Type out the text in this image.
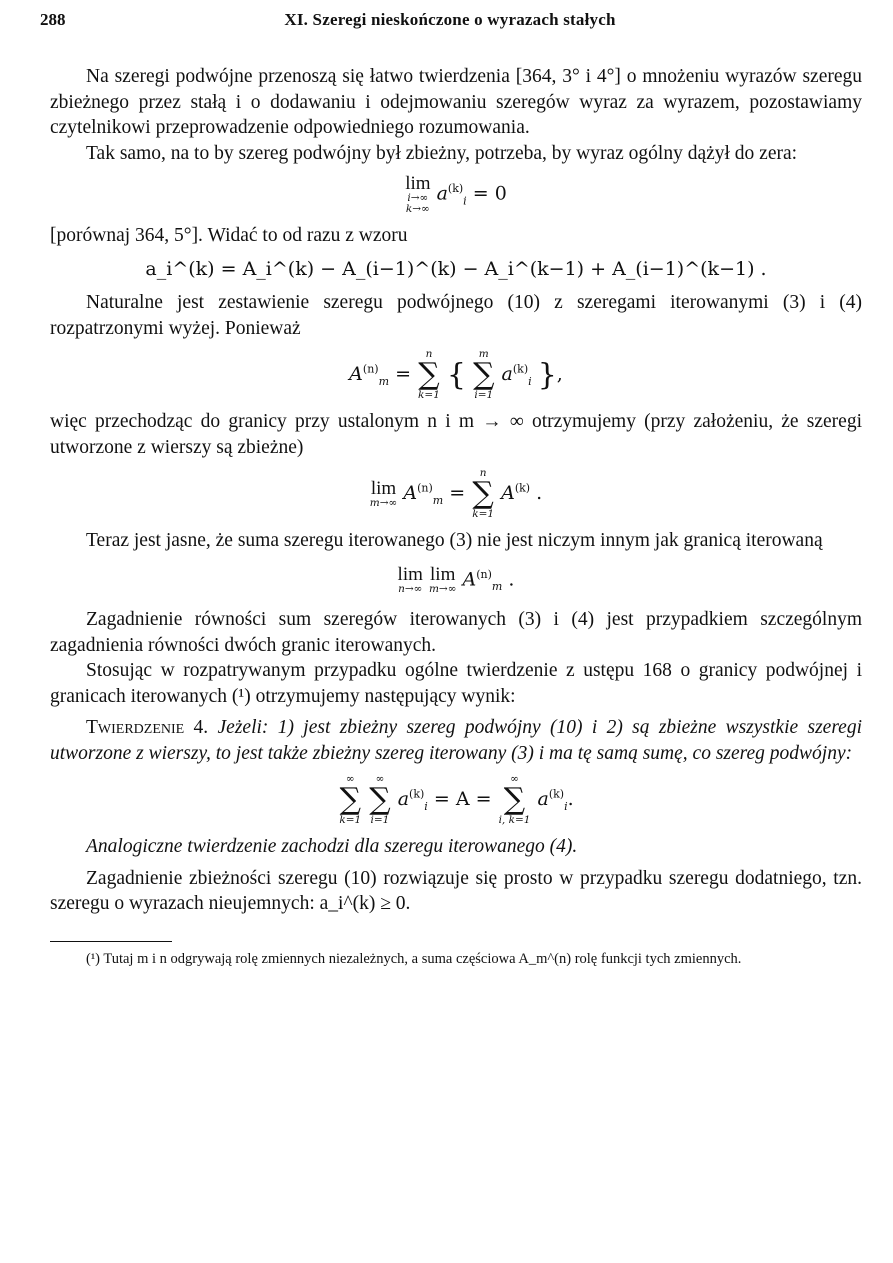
288	XI. Szeregi nieskończone o wyrazach stałych

Na szeregi podwójne przenoszą się łatwo twierdzenia [364, 3° i 4°] o mnożeniu wyrazów szeregu zbieżnego przez stałą i o dodawaniu i odejmowaniu szeregów wyraz za wyrazem, pozostawiamy czytelnikowi przeprowadzenie odpowiedniego rozumowania.

Tak samo, na to by szereg podwójny był zbieżny, potrzeba, by wyraz ogólny dążył do zera:

lim
i→∞
k→∞
$a^{(k)}_i = 0$

[porównaj 364, 5°]. Widać to od razu z wzoru

a_i^(k) = A_i^(k) − A_(i−1)^(k) − A_i^(k−1) + A_(i−1)^(k−1) .

Naturalne jest zestawienie szeregu podwójnego (10) z szeregami iterowanymi (3) i (4) rozpatrzonymi wyżej. Ponieważ

$A^{(n)}_m$ =
n
∑
k=1
{
m
∑
i=1
$a^{(k)}_i$ },

więc przechodząc do granicy przy ustalonym n i m → ∞ otrzymujemy (przy założeniu, że szeregi utworzone z wierszy są zbieżne)

lim
m→∞ $A^{(n)}_m$ =
n
∑
k=1
$A^{(k)}$ .

Teraz jest jasne, że suma szeregu iterowanego (3) nie jest niczym innym jak granicą iterowaną

lim
n→∞

lim
m→∞ $A^{(n)}_m$ .

Zagadnienie równości sum szeregów iterowanych (3) i (4) jest przypadkiem szczególnym zagadnienia równości dwóch granic iterowanych.

Stosując w rozpatrywanym przypadku ogólne twierdzenie z ustępu 168 o granicy podwójnej i granicach iterowanych (¹) otrzymujemy następujący wynik:

Twierdzenie 4. Jeżeli: 1) jest zbieżny szereg podwójny (10) i 2) są zbieżne wszystkie szeregi utworzone z wierszy, to jest także zbieżny szereg iterowany (3) i ma tę samą sumę, co szereg podwójny:

∞
∑
k=1

∞
∑
i=1
$a^{(k)}_i = A$ =
∞
∑
i, k=1
$a^{(k)}_i$.

Analogiczne twierdzenie zachodzi dla szeregu iterowanego (4).

Zagadnienie zbieżności szeregu (10) rozwiązuje się prosto w przypadku szeregu dodatniego, tzn. szeregu o wyrazach nieujemnych: a_i^(k) ≥ 0.

(¹) Tutaj m i n odgrywają rolę zmiennych niezależnych, a suma częściowa A_m^(n) rolę funkcji tych zmiennych.
